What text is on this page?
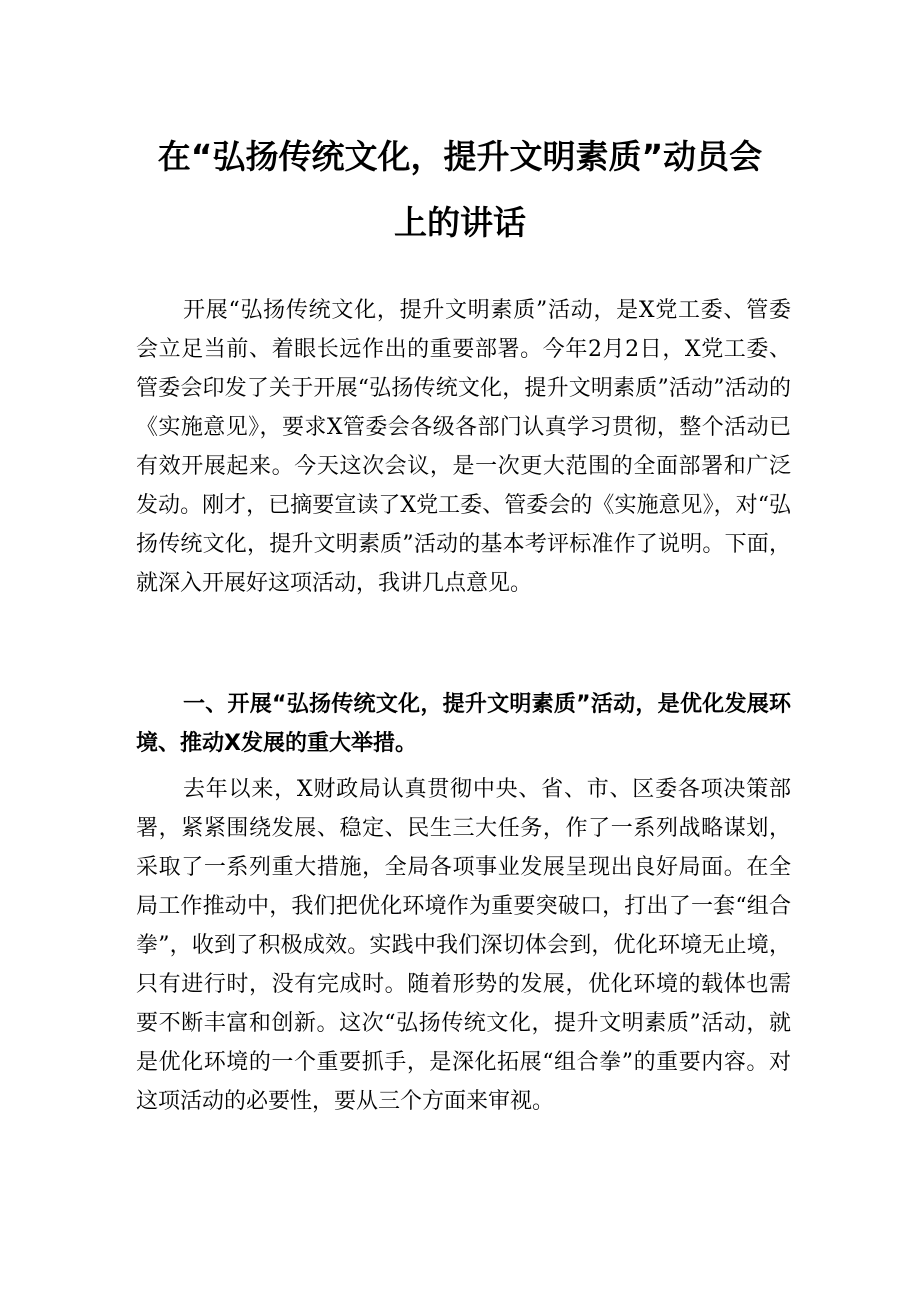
在“弘扬传统文化，提升文明素质”动员会
上的讲话

开展“弘扬传统文化，提升文明素质”活动，是X党工委、管委会立足当前、着眼长远作出的重要部署。今年2月2日，X党工委、管委会印发了关于开展“弘扬传统文化，提升文明素质”活动”活动的《实施意见》，要求X管委会各级各部门认真学习贯彻，整个活动已有效开展起来。今天这次会议，是一次更大范围的全面部署和广泛发动。刚才，已摘要宣读了X党工委、管委会的《实施意见》，对“弘扬传统文化，提升文明素质”活动的基本考评标准作了说明。下面，就深入开展好这项活动，我讲几点意见。

一、开展“弘扬传统文化，提升文明素质”活动，是优化发展环境、推动X发展的重大举措。

去年以来，X财政局认真贯彻中央、省、市、区委各项决策部署，紧紧围绕发展、稳定、民生三大任务，作了一系列战略谋划，采取了一系列重大措施，全局各项事业发展呈现出良好局面。在全局工作推动中，我们把优化环境作为重要突破口，打出了一套“组合拳”，收到了积极成效。实践中我们深切体会到，优化环境无止境，只有进行时，没有完成时。随着形势的发展，优化环境的载体也需要不断丰富和创新。这次“弘扬传统文化，提升文明素质”活动，就是优化环境的一个重要抓手，是深化拓展“组合拳”的重要内容。对这项活动的必要性，要从三个方面来审视。
